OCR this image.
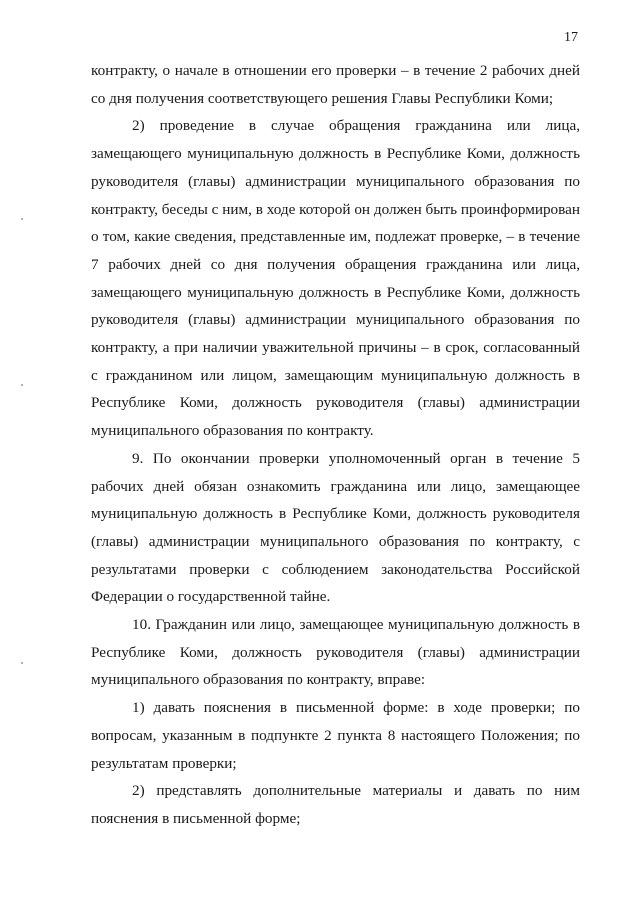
17

контракту, о начале в отношении его проверки – в течение 2 рабочих дней со дня получения соответствующего решения Главы Республики Коми;

2) проведение в случае обращения гражданина или лица, замещающего муниципальную должность в Республике Коми, должность руководителя (главы) администрации муниципального образования по контракту, беседы с ним, в ходе которой он должен быть проинформирован о том, какие сведения, представленные им, подлежат проверке, – в течение 7 рабочих дней со дня получения обращения гражданина или лица, замещающего муниципальную должность в Республике Коми, должность руководителя (главы) администрации муниципального образования по контракту, а при наличии уважительной причины – в срок, согласованный с гражданином или лицом, замещающим муниципальную должность в Республике Коми, должность руководителя (главы) администрации муниципального образования по контракту.

9. По окончании проверки уполномоченный орган в течение 5 рабочих дней обязан ознакомить гражданина или лицо, замещающее муниципальную должность в Республике Коми, должность руководителя (главы) администрации муниципального образования по контракту, с результатами проверки с соблюдением законодательства Российской Федерации о государственной тайне.

10. Гражданин или лицо, замещающее муниципальную должность в Республике Коми, должность руководителя (главы) администрации муниципального образования по контракту, вправе:

1) давать пояснения в письменной форме: в ходе проверки; по вопросам, указанным в подпункте 2 пункта 8 настоящего Положения; по результатам проверки;

2) представлять дополнительные материалы и давать по ним пояснения в письменной форме;
